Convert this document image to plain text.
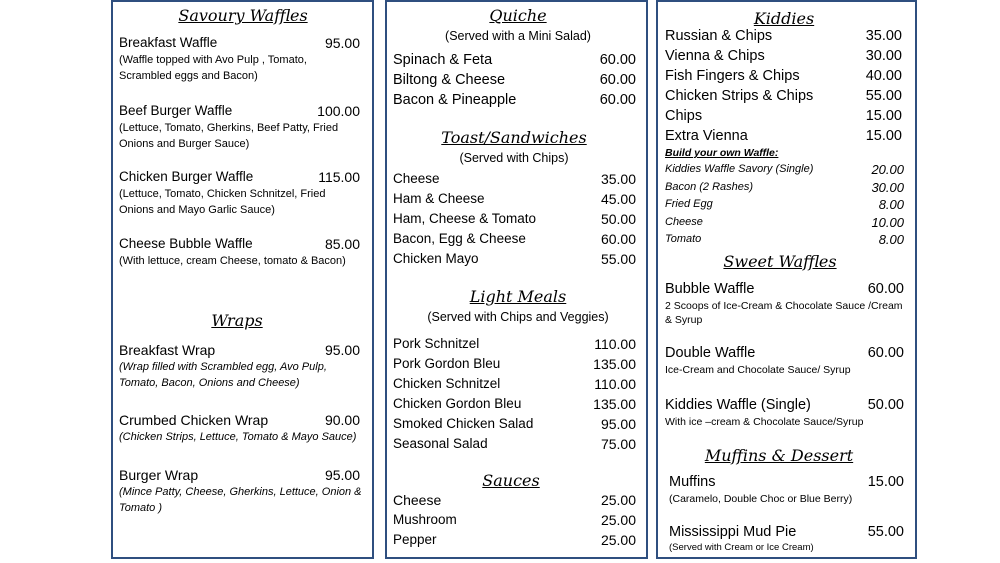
Savoury Waffles
Breakfast Waffle	95.00
(Waffle topped with Avo Pulp , Tomato, Scrambled eggs and Bacon)
Beef Burger Waffle	100.00
(Lettuce, Tomato, Gherkins, Beef Patty, Fried Onions and Burger Sauce)
Chicken Burger Waffle	115.00
(Lettuce, Tomato, Chicken Schnitzel, Fried Onions and Mayo Garlic Sauce)
Cheese Bubble Waffle	85.00
(With lettuce, cream Cheese, tomato & Bacon)
Wraps
Breakfast Wrap	95.00
(Wrap filled with Scrambled egg, Avo Pulp, Tomato, Bacon, Onions and Cheese)
Crumbed Chicken Wrap	90.00
(Chicken Strips, Lettuce, Tomato & Mayo Sauce)
Burger Wrap	95.00
(Mince Patty, Cheese, Gherkins, Lettuce, Onion & Tomato )
Quiche
(Served with a Mini Salad)
Spinach & Feta	60.00
Biltong & Cheese	60.00
Bacon & Pineapple	60.00
Toast/Sandwiches
(Served with Chips)
Cheese	35.00
Ham & Cheese	45.00
Ham, Cheese & Tomato	50.00
Bacon, Egg & Cheese	60.00
Chicken Mayo	55.00
Light Meals
(Served with Chips and Veggies)
Pork Schnitzel	110.00
Pork Gordon Bleu	135.00
Chicken Schnitzel	110.00
Chicken Gordon Bleu	135.00
Smoked Chicken Salad	95.00
Seasonal Salad	75.00
Sauces
Cheese	25.00
Mushroom	25.00
Pepper	25.00
Kiddies
Russian & Chips	35.00
Vienna & Chips	30.00
Fish Fingers & Chips	40.00
Chicken Strips & Chips	55.00
Chips	15.00
Extra Vienna	15.00
Build your own Waffle:
Kiddies Waffle Savory (Single)	20.00
Bacon (2 Rashes)	30.00
Fried Egg	8.00
Cheese	10.00
Tomato	8.00
Sweet Waffles
Bubble Waffle	60.00
2 Scoops of Ice-Cream & Chocolate Sauce /Cream & Syrup
Double Waffle	60.00
Ice-Cream and Chocolate Sauce/ Syrup
Kiddies Waffle (Single)	50.00
With ice –cream & Chocolate Sauce/Syrup
Muffins & Dessert
Muffins	15.00
(Caramelo, Double Choc or Blue Berry)
Mississippi Mud Pie	55.00
(Served with Cream or Ice Cream)
